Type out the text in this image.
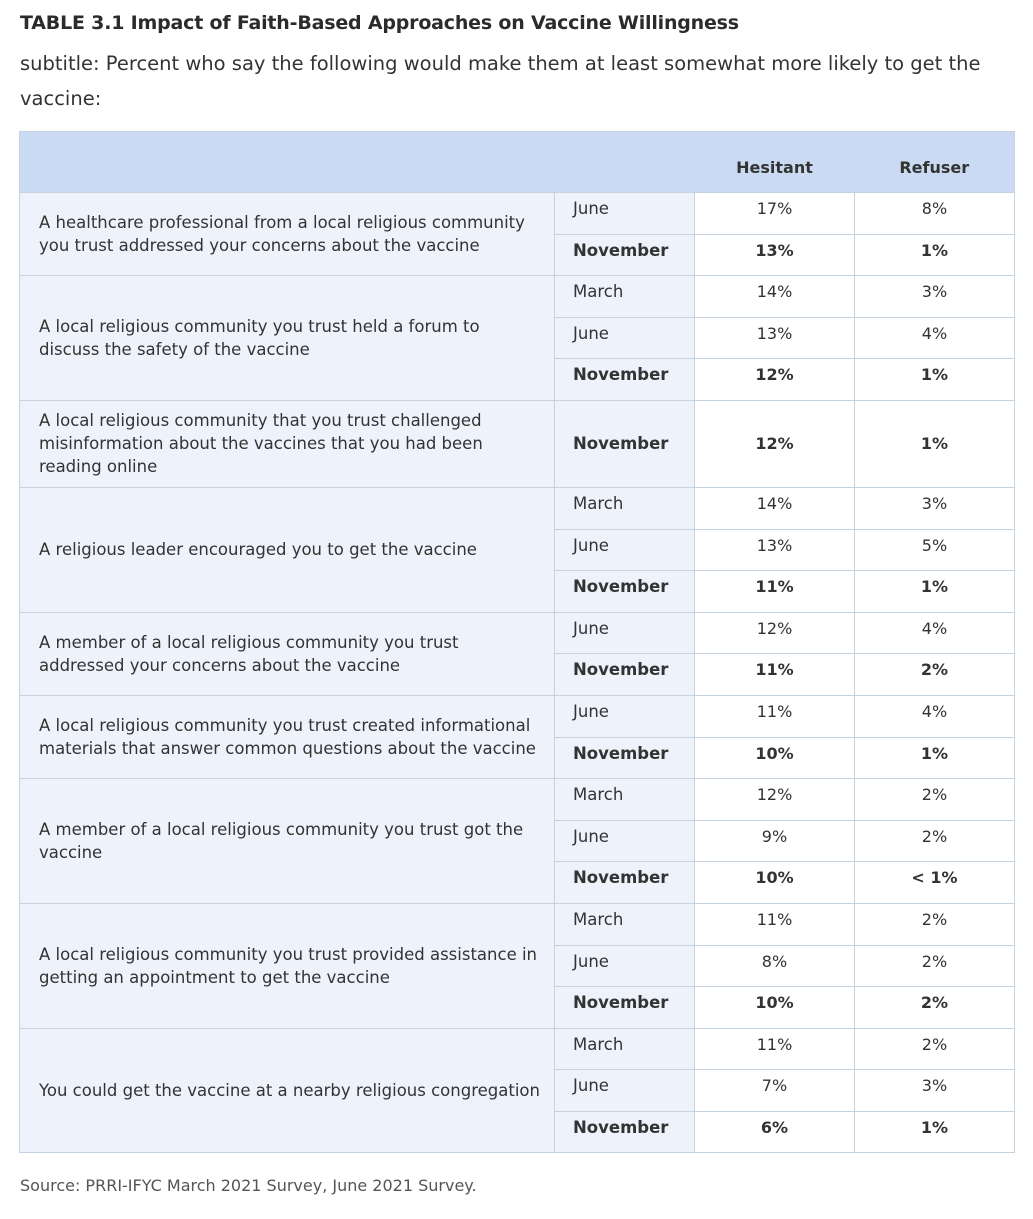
TABLE 3.1 Impact of Faith-Based Approaches on Vaccine Willingness
subtitle: Percent who say the following would make them at least somewhat more likely to get the vaccine:
		Hesitant	Refuser
A healthcare professional from a local religious community you trust addressed your concerns about the vaccine	June	17%	8%
	November	13%	1%
A local religious community you trust held a forum to discuss the safety of the vaccine	March	14%	3%
	June	13%	4%
	November	12%	1%
A local religious community that you trust challenged misinformation about the vaccines that you had been reading online	November	12%	1%
A religious leader encouraged you to get the vaccine	March	14%	3%
	June	13%	5%
	November	11%	1%
A member of a local religious community you trust addressed your concerns about the vaccine	June	12%	4%
	November	11%	2%
A local religious community you trust created informational materials that answer common questions about the vaccine	June	11%	4%
	November	10%	1%
A member of a local religious community you trust got the vaccine	March	12%	2%
	June	9%	2%
	November	10%	< 1%
A local religious community you trust provided assistance in getting an appointment to get the vaccine	March	11%	2%
	June	8%	2%
	November	10%	2%
You could get the vaccine at a nearby religious congregation	March	11%	2%
	June	7%	3%
	November	6%	1%
Source: PRRI-IFYC March 2021 Survey, June 2021 Survey.
